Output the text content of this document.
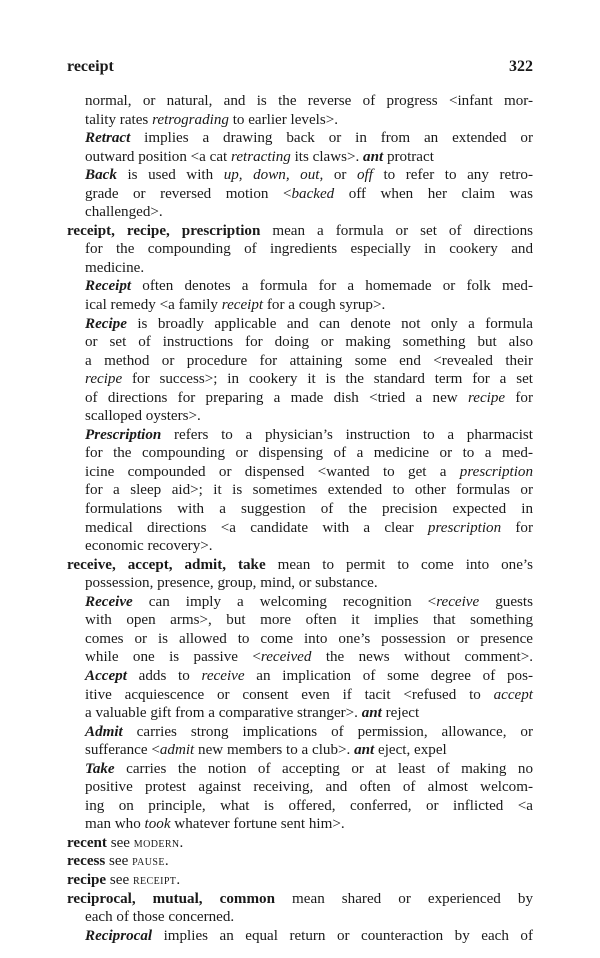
receipt	322
normal, or natural, and is the reverse of progress <infant mor-
tality rates retrograding to earlier levels>.
Retract implies a drawing back or in from an extended or
outward position <a cat retracting its claws>. ant protract
Back is used with up, down, out, or off to refer to any retro-
grade or reversed motion <backed off when her claim was
challenged>.
receipt, recipe, prescription mean a formula or set of directions
for the compounding of ingredients especially in cookery and
medicine.
Receipt often denotes a formula for a homemade or folk med-
ical remedy <a family receipt for a cough syrup>.
Recipe is broadly applicable and can denote not only a formula
or set of instructions for doing or making something but also
a method or procedure for attaining some end <revealed their
recipe for success>; in cookery it is the standard term for a set
of directions for preparing a made dish <tried a new recipe for
scalloped oysters>.
Prescription refers to a physician’s instruction to a pharmacist
for the compounding or dispensing of a medicine or to a med-
icine compounded or dispensed <wanted to get a prescription
for a sleep aid>; it is sometimes extended to other formulas or
formulations with a suggestion of the precision expected in
medical directions <a candidate with a clear prescription for
economic recovery>.
receive, accept, admit, take mean to permit to come into one’s
possession, presence, group, mind, or substance.
Receive can imply a welcoming recognition <receive guests
with open arms>, but more often it implies that something
comes or is allowed to come into one’s possession or presence
while one is passive <received the news without comment>.
Accept adds to receive an implication of some degree of pos-
itive acquiescence or consent even if tacit <refused to accept
a valuable gift from a comparative stranger>. ant reject
Admit carries strong implications of permission, allowance, or
sufferance <admit new members to a club>. ant eject, expel
Take carries the notion of accepting or at least of making no
positive protest against receiving, and often of almost welcom-
ing on principle, what is offered, conferred, or inflicted <a
man who took whatever fortune sent him>.
recent see modern.
recess see pause.
recipe see receipt.
reciprocal, mutual, common mean shared or experienced by
each of those concerned.
Reciprocal implies an equal return or counteraction by each of
